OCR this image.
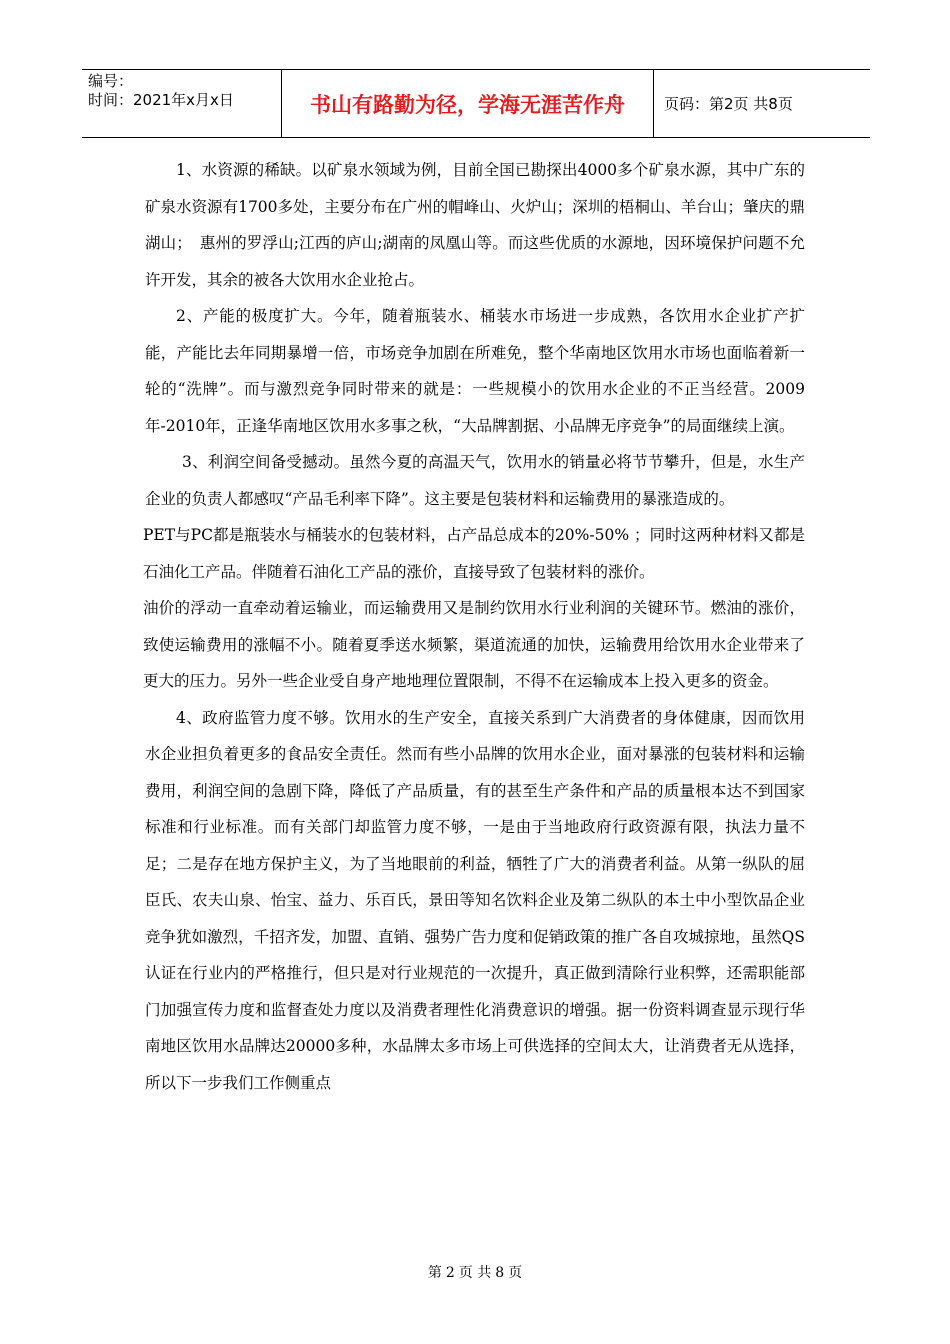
编号：
时间：2021年x月x日	书山有路勤为径，学海无涯苦作舟	页码：第2页 共8页

1、水资源的稀缺。以矿泉水领域为例，目前全国已勘探出4000多个矿泉水源，其中广东的矿泉水资源有1700多处，主要分布在广州的帽峰山、火炉山；深圳的梧桐山、羊台山；肇庆的鼎湖山；　惠州的罗浮山;江西的庐山;湖南的凤凰山等。而这些优质的水源地，因环境保护问题不允许开发，其余的被各大饮用水企业抢占。

2、产能的极度扩大。今年，随着瓶装水、桶装水市场进一步成熟，各饮用水企业扩产扩能，产能比去年同期暴增一倍，市场竞争加剧在所难免，整个华南地区饮用水市场也面临着新一轮的“洗牌”。而与激烈竞争同时带来的就是：一些规模小的饮用水企业的不正当经营。2009年-2010年，正逢华南地区饮用水多事之秋，“大品牌割据、小品牌无序竞争”的局面继续上演。

3、利润空间备受撼动。虽然今夏的高温天气，饮用水的销量必将节节攀升，但是，水生产企业的负责人都感叹“产品毛利率下降”。这主要是包装材料和运输费用的暴涨造成的。

PET与PC都是瓶装水与桶装水的包装材料，占产品总成本的20%-50% ；同时这两种材料又都是石油化工产品。伴随着石油化工产品的涨价，直接导致了包装材料的涨价。

油价的浮动一直牵动着运输业，而运输费用又是制约饮用水行业利润的关键环节。燃油的涨价，致使运输费用的涨幅不小。随着夏季送水频繁，渠道流通的加快，运输费用给饮用水企业带来了更大的压力。另外一些企业受自身产地地理位置限制，不得不在运输成本上投入更多的资金。

4、政府监管力度不够。饮用水的生产安全，直接关系到广大消费者的身体健康，因而饮用水企业担负着更多的食品安全责任。然而有些小品牌的饮用水企业，面对暴涨的包装材料和运输费用，利润空间的急剧下降，降低了产品质量，有的甚至生产条件和产品的质量根本达不到国家标准和行业标准。而有关部门却监管力度不够，一是由于当地政府行政资源有限，执法力量不足；二是存在地方保护主义，为了当地眼前的利益，牺牲了广大的消费者利益。从第一纵队的屈臣氏、农夫山泉、怡宝、益力、乐百氏，景田等知名饮料企业及第二纵队的本土中小型饮品企业竞争犹如激烈，千招齐发，加盟、直销、强势广告力度和促销政策的推广各自攻城掠地，虽然QS认证在行业内的严格推行，但只是对行业规范的一次提升，真正做到清除行业积弊，还需职能部门加强宣传力度和监督查处力度以及消费者理性化消费意识的增强。据一份资料调查显示现行华南地区饮用水品牌达20000多种，水品牌太多市场上可供选择的空间太大，让消费者无从选择，所以下一步我们工作侧重点

第 2 页 共 8 页
